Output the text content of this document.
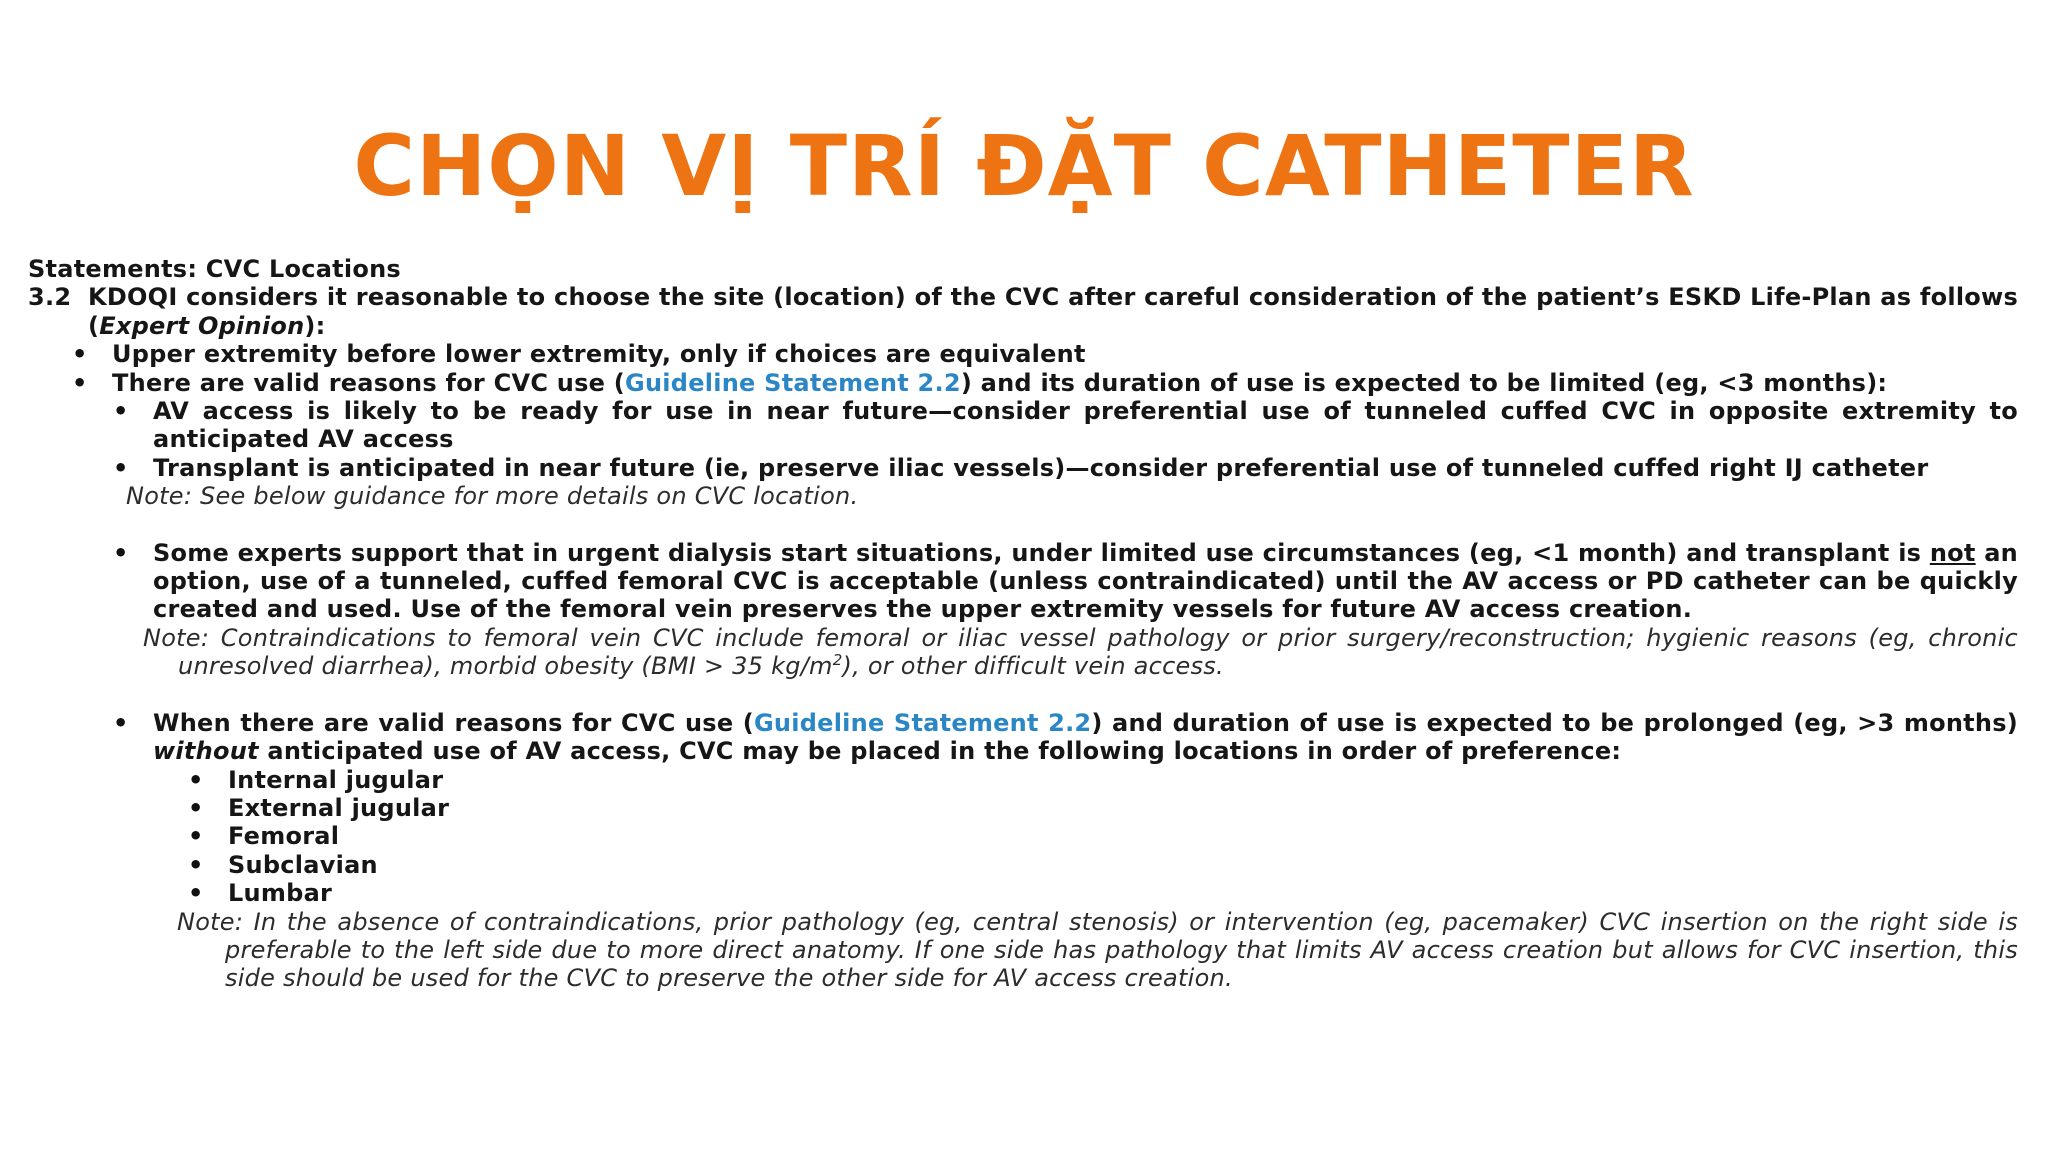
CHỌN VỊ TRÍ ĐẶT CATHETER

Statements: CVC Locations

3.2 KDOQI considers it reasonable to choose the site (location) of the CVC after careful consideration of the patient’s ESKD Life-Plan as follows (Expert Opinion):

• Upper extremity before lower extremity, only if choices are equivalent
• There are valid reasons for CVC use (Guideline Statement 2.2) and its duration of use is expected to be limited (eg, <3 months):
• AV access is likely to be ready for use in near future—consider preferential use of tunneled cuffed CVC in opposite extremity to anticipated AV access
• Transplant is anticipated in near future (ie, preserve iliac vessels)—consider preferential use of tunneled cuffed right IJ catheter

Note: See below guidance for more details on CVC location.

• Some experts support that in urgent dialysis start situations, under limited use circumstances (eg, <1 month) and transplant is not an option, use of a tunneled, cuffed femoral CVC is acceptable (unless contraindicated) until the AV access or PD catheter can be quickly created and used. Use of the femoral vein preserves the upper extremity vessels for future AV access creation.

Note: Contraindications to femoral vein CVC include femoral or iliac vessel pathology or prior surgery/reconstruction; hygienic reasons (eg, chronic unresolved diarrhea), morbid obesity (BMI > 35 $kg/m^2$), or other difficult vein access.

• When there are valid reasons for CVC use (Guideline Statement 2.2) and duration of use is expected to be prolonged (eg, >3 months) without anticipated use of AV access, CVC may be placed in the following locations in order of preference:
• Internal jugular
• External jugular
• Femoral
• Subclavian
• Lumbar

Note: In the absence of contraindications, prior pathology (eg, central stenosis) or intervention (eg, pacemaker) CVC insertion on the right side is preferable to the left side due to more direct anatomy. If one side has pathology that limits AV access creation but allows for CVC insertion, this side should be used for the CVC to preserve the other side for AV access creation.
